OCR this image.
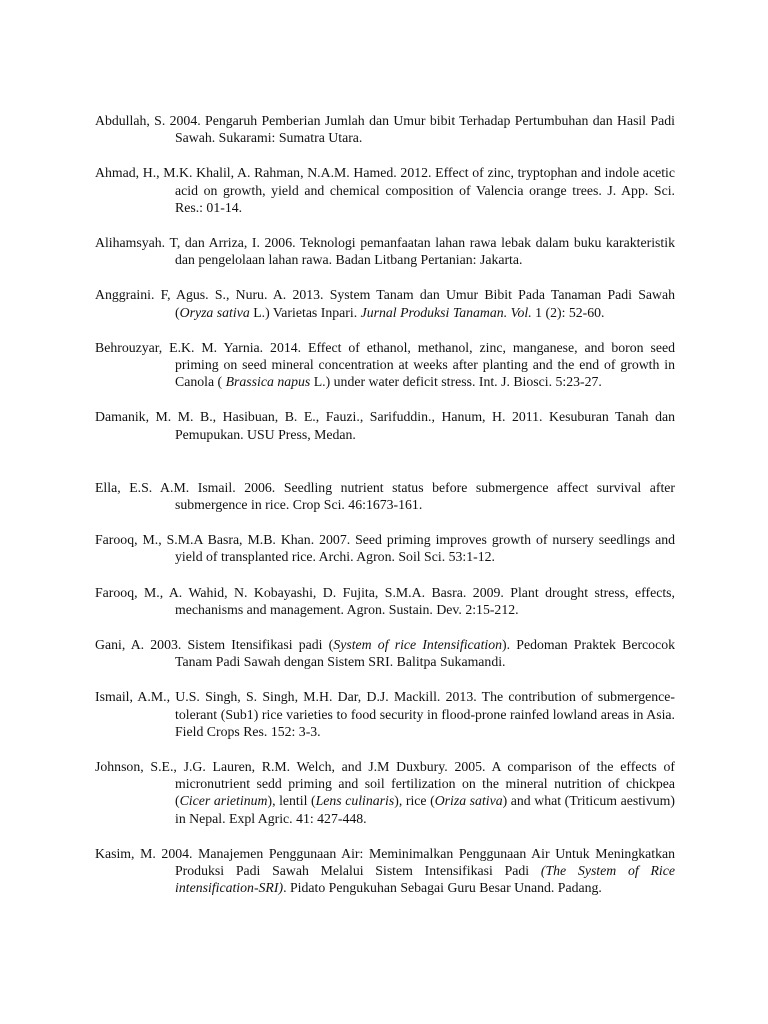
Abdullah, S. 2004. Pengaruh Pemberian Jumlah dan Umur bibit Terhadap Pertumbuhan dan Hasil Padi Sawah. Sukarami: Sumatra Utara.
Ahmad, H., M.K. Khalil, A. Rahman, N.A.M. Hamed. 2012. Effect of zinc, tryptophan and indole acetic acid on growth, yield and chemical composition of Valencia orange trees. J. App. Sci. Res.: 01-14.
Alihamsyah. T, dan Arriza, I. 2006. Teknologi pemanfaatan lahan rawa lebak dalam buku karakteristik dan pengelolaan lahan rawa. Badan Litbang Pertanian: Jakarta.
Anggraini. F, Agus. S., Nuru. A. 2013. System Tanam dan Umur Bibit Pada Tanaman Padi Sawah (Oryza sativa L.) Varietas Inpari. Jurnal Produksi Tanaman. Vol. 1 (2): 52-60.
Behrouzyar, E.K. M. Yarnia. 2014. Effect of ethanol, methanol, zinc, manganese, and boron seed priming on seed mineral concentration at weeks after planting and the end of growth in Canola ( Brassica napus L.) under water deficit stress. Int. J. Biosci. 5:23-27.
Damanik, M. M. B., Hasibuan, B. E., Fauzi., Sarifuddin., Hanum, H. 2011. Kesuburan Tanah dan Pemupukan. USU Press, Medan.
Ella, E.S. A.M. Ismail. 2006. Seedling nutrient status before submergence affect survival after submergence in rice. Crop Sci. 46:1673-161.
Farooq, M., S.M.A Basra, M.B. Khan. 2007. Seed priming improves growth of nursery seedlings and yield of transplanted rice. Archi. Agron. Soil Sci. 53:1-12.
Farooq, M., A. Wahid, N. Kobayashi, D. Fujita, S.M.A. Basra. 2009. Plant drought stress, effects, mechanisms and management. Agron. Sustain. Dev. 2:15-212.
Gani, A. 2003. Sistem Itensifikasi padi (System of rice Intensification). Pedoman Praktek Bercocok Tanam Padi Sawah dengan Sistem SRI. Balitpa Sukamandi.
Ismail, A.M., U.S. Singh, S. Singh, M.H. Dar, D.J. Mackill. 2013. The contribution of submergence-tolerant (Sub1) rice varieties to food security in flood-prone rainfed lowland areas in Asia. Field Crops Res. 152: 3-3.
Johnson, S.E., J.G. Lauren, R.M. Welch, and J.M Duxbury. 2005. A comparison of the effects of micronutrient sedd priming and soil fertilization on the mineral nutrition of chickpea (Cicer arietinum), lentil (Lens culinaris), rice (Oriza sativa) and what (Triticum aestivum) in Nepal. Expl Agric. 41: 427-448.
Kasim, M. 2004. Manajemen Penggunaan Air: Meminimalkan Penggunaan Air Untuk Meningkatkan Produksi Padi Sawah Melalui Sistem Intensifikasi Padi (The System of Rice intensification-SRI). Pidato Pengukuhan Sebagai Guru Besar Unand. Padang.
